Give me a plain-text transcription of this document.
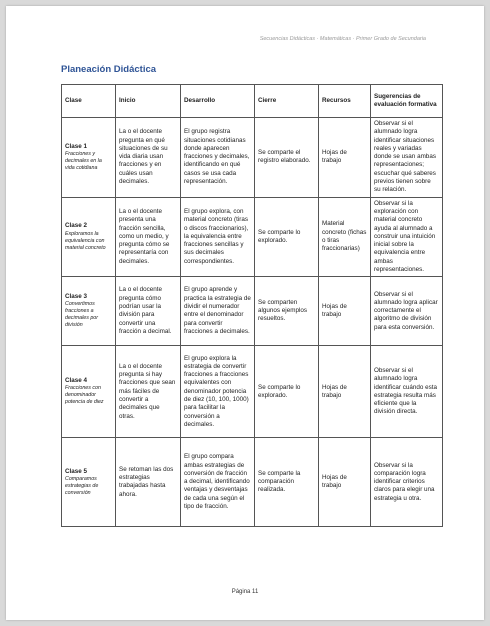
Secuencias Didácticas · Matemáticas · Primer Grado de Secundaria
Planeación Didáctica
Clase	Inicio	Desarrollo	Cierre	Recursos	Sugerencias de evaluación formativa

Clase 1
Fracciones y decimales en la vida cotidiana	La o el docente pregunta en qué situaciones de su vida diaria usan fracciones y en cuáles usan decimales.	El grupo registra situaciones cotidianas donde aparecen fracciones y decimales, identificando en qué casos se usa cada representación.	Se comparte el registro elaborado.	Hojas de trabajo	Observar si el alumnado logra identificar situaciones reales y variadas donde se usan ambas representaciones; escuchar qué saberes previos tienen sobre su relación.

Clase 2
Exploramos la equivalencia con material concreto	La o el docente presenta una fracción sencilla, como un medio, y pregunta cómo se representaría con decimales.	El grupo explora, con material concreto (tiras o discos fraccionarios), la equivalencia entre fracciones sencillas y sus decimales correspondientes.	Se comparte lo explorado.	Material concreto (fichas o tiras fraccionarias)	Observar si la exploración con material concreto ayuda al alumnado a construir una intuición inicial sobre la equivalencia entre ambas representaciones.

Clase 3
Convertimos fracciones a decimales por división	La o el docente pregunta cómo podrían usar la división para convertir una fracción a decimal.	El grupo aprende y practica la estrategia de dividir el numerador entre el denominador para convertir fracciones a decimales.	Se comparten algunos ejemplos resueltos.	Hojas de trabajo	Observar si el alumnado logra aplicar correctamente el algoritmo de división para esta conversión.

Clase 4
Fracciones con denominador potencia de diez	La o el docente pregunta si hay fracciones que sean más fáciles de convertir a decimales que otras.	El grupo explora la estrategia de convertir fracciones a fracciones equivalentes con denominador potencia de diez (10, 100, 1000) para facilitar la conversión a decimales.	Se comparte lo explorado.	Hojas de trabajo	Observar si el alumnado logra identificar cuándo esta estrategia resulta más eficiente que la división directa.

Clase 5
Comparamos estrategias de conversión	Se retoman las dos estrategias trabajadas hasta ahora.	El grupo compara ambas estrategias de conversión de fracción a decimal, identificando ventajas y desventajas de cada una según el tipo de fracción.	Se comparte la comparación realizada.	Hojas de trabajo	Observar si la comparación logra identificar criterios claros para elegir una estrategia u otra.
Página 11
